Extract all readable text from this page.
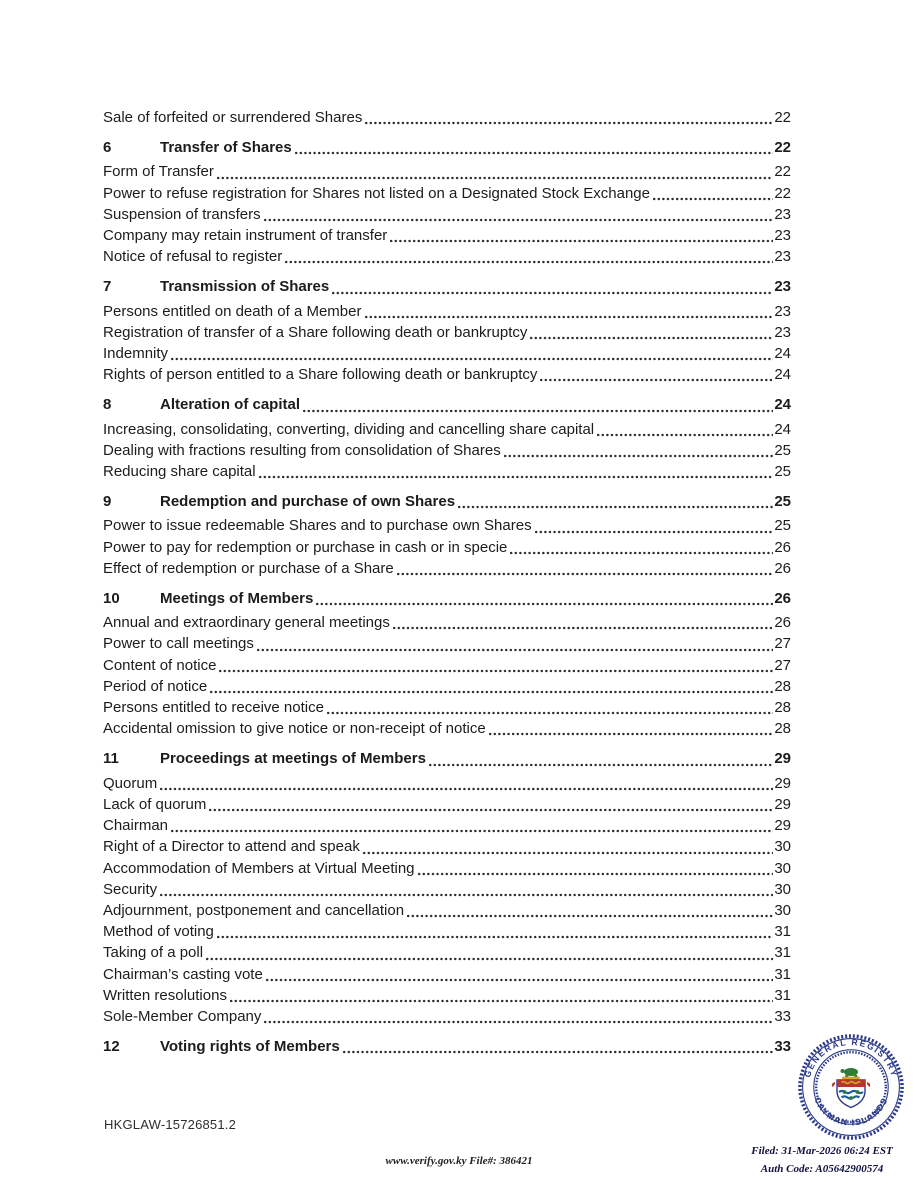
Sale of forfeited or surrendered Shares	22
6	Transfer of Shares	22
Form of Transfer	22
Power to refuse registration for Shares not listed on a Designated Stock Exchange	22
Suspension of transfers	23
Company may retain instrument of transfer	23
Notice of refusal to register	23
7	Transmission of Shares	23
Persons entitled on death of a Member	23
Registration of transfer of a Share following death or bankruptcy	23
Indemnity	24
Rights of person entitled to a Share following death or bankruptcy	24
8	Alteration of capital	24
Increasing, consolidating, converting, dividing and cancelling share capital	24
Dealing with fractions resulting from consolidation of Shares	25
Reducing share capital	25
9	Redemption and purchase of own Shares	25
Power to issue redeemable Shares and to purchase own Shares	25
Power to pay for redemption or purchase in cash or in specie	26
Effect of redemption or purchase of a Share	26
10	Meetings of Members	26
Annual and extraordinary general meetings	26
Power to call meetings	27
Content of notice	27
Period of notice	28
Persons entitled to receive notice	28
Accidental omission to give notice or non-receipt of notice	28
11	Proceedings at meetings of Members	29
Quorum	29
Lack of quorum	29
Chairman	29
Right of a Director to attend and speak	30
Accommodation of Members at Virtual Meeting	30
Security	30
Adjournment, postponement and cancellation	30
Method of voting	31
Taking of a poll	31
Chairman’s casting vote	31
Written resolutions	31
Sole-Member Company	33
12	Voting rights of Members	33
HKGLAW-15726851.2
www.verify.gov.ky File#: 386421
GENERAL REGISTRY
CAYMAN ISLANDS
Filed: 31-Mar-2026 06:24 EST
Auth Code: A05642900574
